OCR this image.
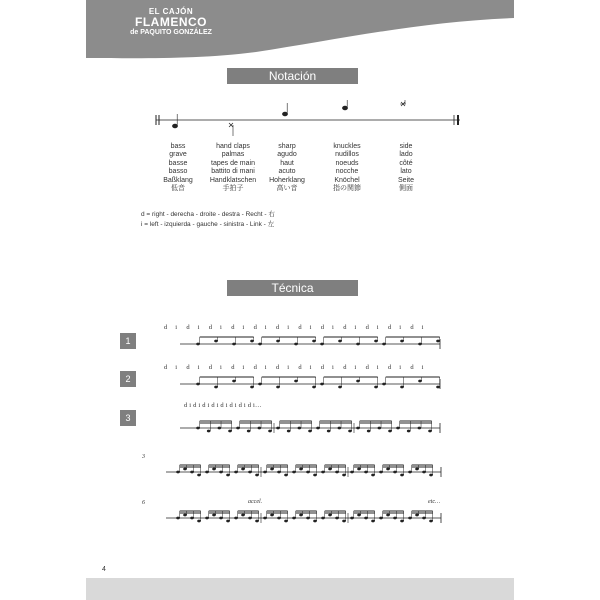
EL CAJÓN
FLAMENCO
de PAQUITO GONZÁLEZ
Notación
bass
grave
basse
basso
Baßklang
低音
hand claps
palmas
tapes de main
battito di mani
Handklatschen
手拍子
sharp
agudo
haut
acuto
Hoherklang
高い音
knuckles
nudillos
noeuds
nocche
Knöchel
指の関節
side
lado
côté
lato
Seite
側面
d = right - derecha - droite - destra - Recht - 右
i = left - izquierda - gauche - sinistra - Link - 左
Técnica
1
2
3
d i d i d i d i d i d i d i d i d i d i d i d i
d i d i d i d i d i d i d i d i d i d i d i d i
d i d i d i d i d i d i d i d i…
3
6	accel.	etc…
4
